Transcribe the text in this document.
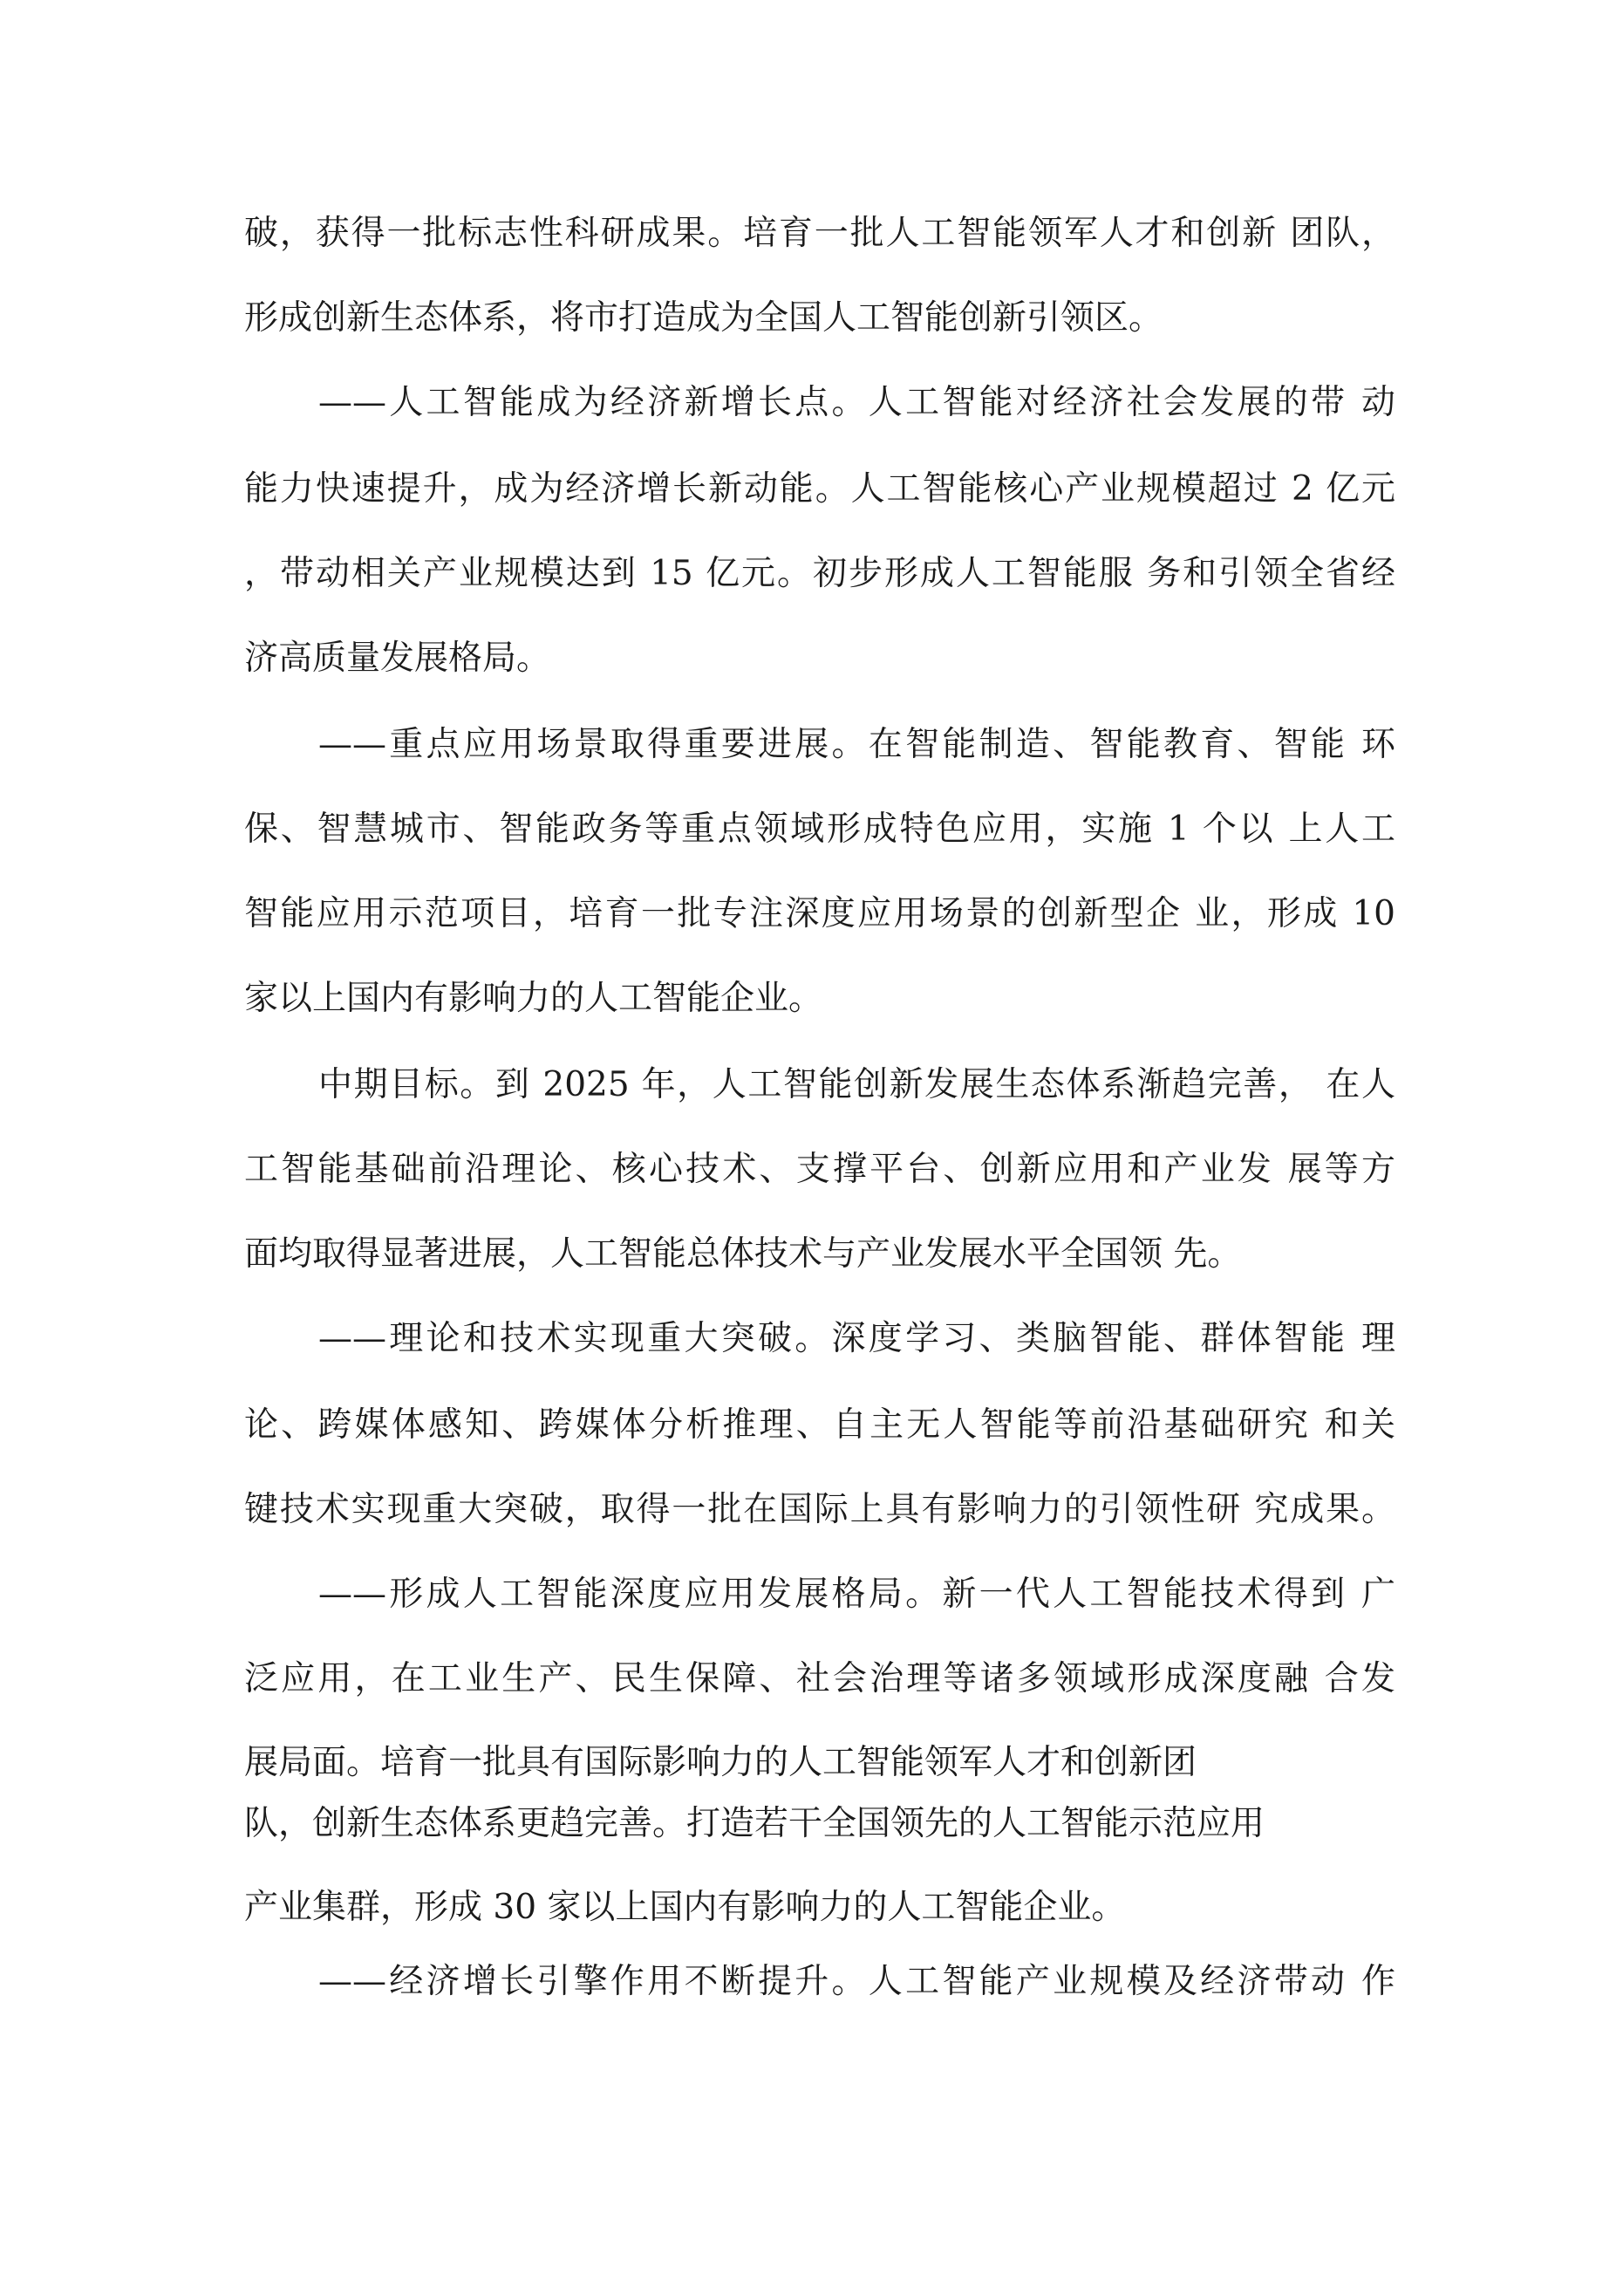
破，获得一批标志性科研成果。培育一批人工智能领军人才和创新 团队，
形成创新生态体系，将市打造成为全国人工智能创新引领区。
——人工智能成为经济新增长点。人工智能对经济社会发展的带 动
能力快速提升，成为经济增长新动能。人工智能核心产业规模超过 2 亿元
，带动相关产业规模达到 15 亿元。初步形成人工智能服 务和引领全省经
济高质量发展格局。
——重点应用场景取得重要进展。在智能制造、智能教育、智能 环
保、智慧城市、智能政务等重点领域形成特色应用，实施 1 个以 上人工
智能应用示范项目，培育一批专注深度应用场景的创新型企 业，形成 10
家以上国内有影响力的人工智能企业。
中期目标。到 2025 年，人工智能创新发展生态体系渐趋完善， 在人
工智能基础前沿理论、核心技术、支撑平台、创新应用和产业发 展等方
面均取得显著进展，人工智能总体技术与产业发展水平全国领 先。
——理论和技术实现重大突破。深度学习、类脑智能、群体智能 理
论、跨媒体感知、跨媒体分析推理、自主无人智能等前沿基础研究 和关
键技术实现重大突破，取得一批在国际上具有影响力的引领性研 究成果。
——形成人工智能深度应用发展格局。新一代人工智能技术得到 广
泛应用，在工业生产、民生保障、社会治理等诸多领域形成深度融 合发
展局面。培育一批具有国际影响力的人工智能领军人才和创新团
队，创新生态体系更趋完善。打造若干全国领先的人工智能示范应用
产业集群，形成 30 家以上国内有影响力的人工智能企业。
——经济增长引擎作用不断提升。人工智能产业规模及经济带动 作
